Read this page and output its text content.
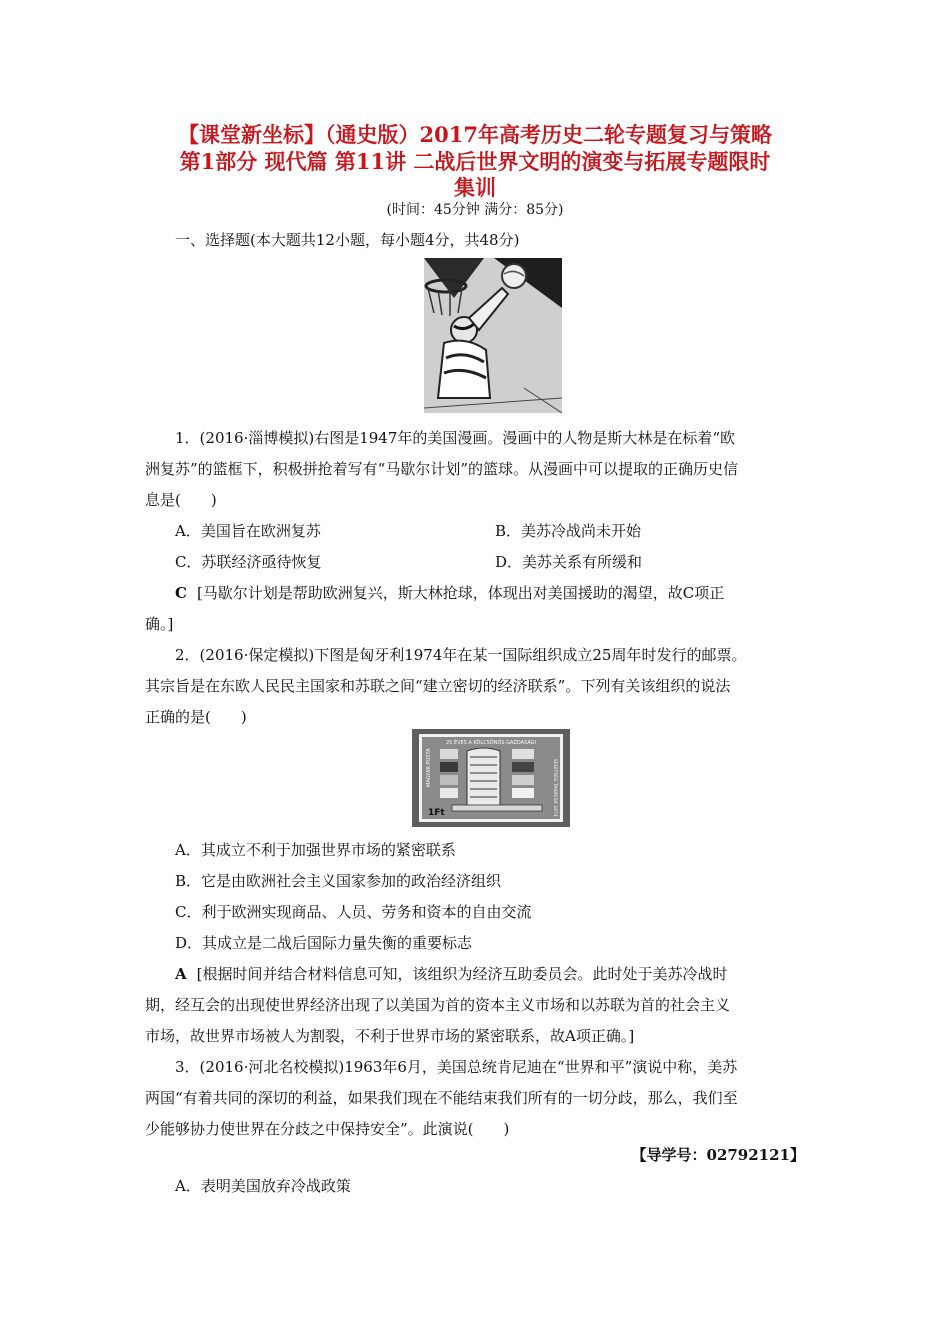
【课堂新坐标】（通史版）2017年高考历史二轮专题复习与策略
第1部分 现代篇 第11讲 二战后世界文明的演变与拓展专题限时
集训
(时间：45分钟 满分：85分)
一、选择题(本大题共12小题，每小题4分，共48分)
1．(2016·淄博模拟)右图是1947年的美国漫画。漫画中的人物是斯大林是在标着“欧
洲复苏”的篮框下，积极拼抢着写有“马歇尔计划”的篮球。从漫画中可以提取的正确历史信
息是(　　)
A．美国旨在欧洲复苏	B．美苏冷战尚未开始
C．苏联经济亟待恢复	D．美苏关系有所缓和
C [马歇尔计划是帮助欧洲复兴，斯大林抢球，体现出对美国援助的渴望，故C项正
确。]
2．(2016·保定模拟)下图是匈牙利1974年在某一国际组织成立25周年时发行的邮票。
其宗旨是在东欧人民民主国家和苏联之间“建立密切的经济联系”。下列有关该组织的说法
正确的是(　　)
25 ÉVES A KÖLCSÖNÖS GAZDASÁGI
MAGYAR POSTA	SEGITSÉG TANÁCSA 1974
1Ft
A．其成立不利于加强世界市场的紧密联系
B．它是由欧洲社会主义国家参加的政治经济组织
C．利于欧洲实现商品、人员、劳务和资本的自由交流
D．其成立是二战后国际力量失衡的重要标志
A [根据时间并结合材料信息可知，该组织为经济互助委员会。此时处于美苏冷战时
期，经互会的出现使世界经济出现了以美国为首的资本主义市场和以苏联为首的社会主义
市场，故世界市场被人为割裂，不利于世界市场的紧密联系，故A项正确。]
3．(2016·河北名校模拟)1963年6月，美国总统肯尼迪在“世界和平”演说中称，美苏
两国“有着共同的深切的利益，如果我们现在不能结束我们所有的一切分歧，那么，我们至
少能够协力使世界在分歧之中保持安全”。此演说(　　)
【导学号：02792121】
A．表明美国放弃冷战政策
